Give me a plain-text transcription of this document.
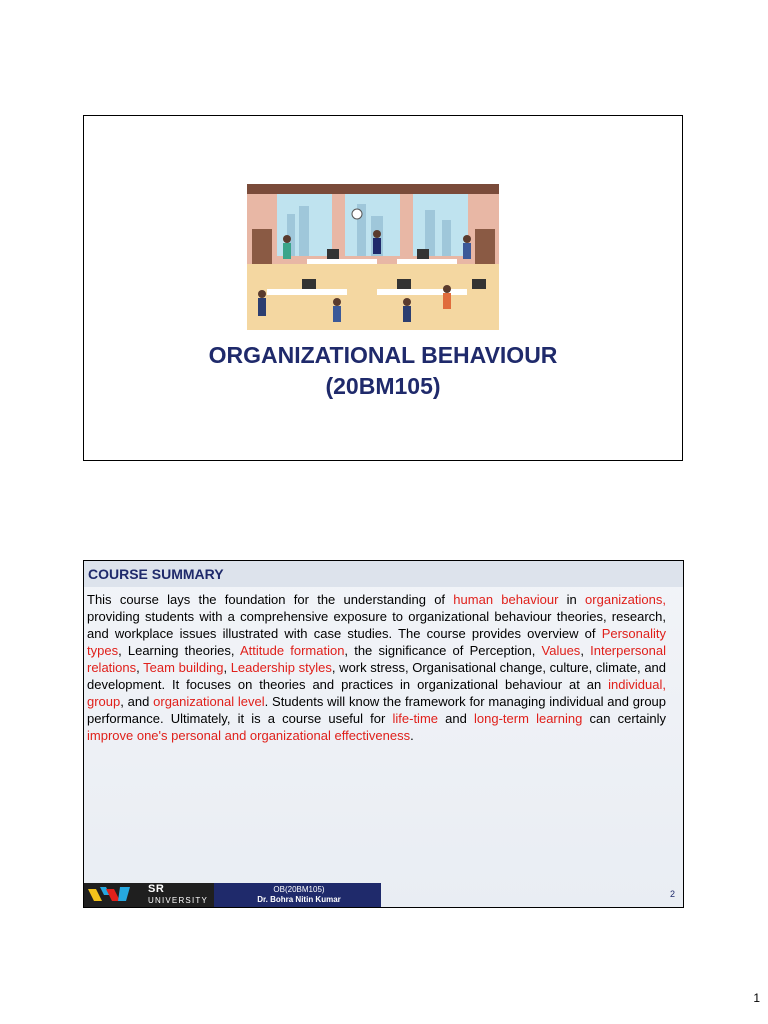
ORGANIZATIONAL BEHAVIOUR
(20BM105)
COURSE SUMMARY
This course lays the foundation for the understanding of human behaviour in organizations, providing students with a comprehensive exposure to organizational behaviour theories, research, and workplace issues illustrated with case studies. The course provides overview of Personality types, Learning theories, Attitude formation, the significance of Perception, Values, Interpersonal relations, Team building, Leadership styles, work stress, Organisational change, culture, climate, and development. It focuses on theories and practices in organizational behaviour at an individual, group, and organizational level. Students will know the framework for managing individual and group performance. Ultimately, it is a course useful for life-time and long-term learning can certainly improve one's personal and organizational effectiveness.
SR
UNIVERSITY
OB(20BM105)
Dr. Bohra Nitin Kumar
2
1
